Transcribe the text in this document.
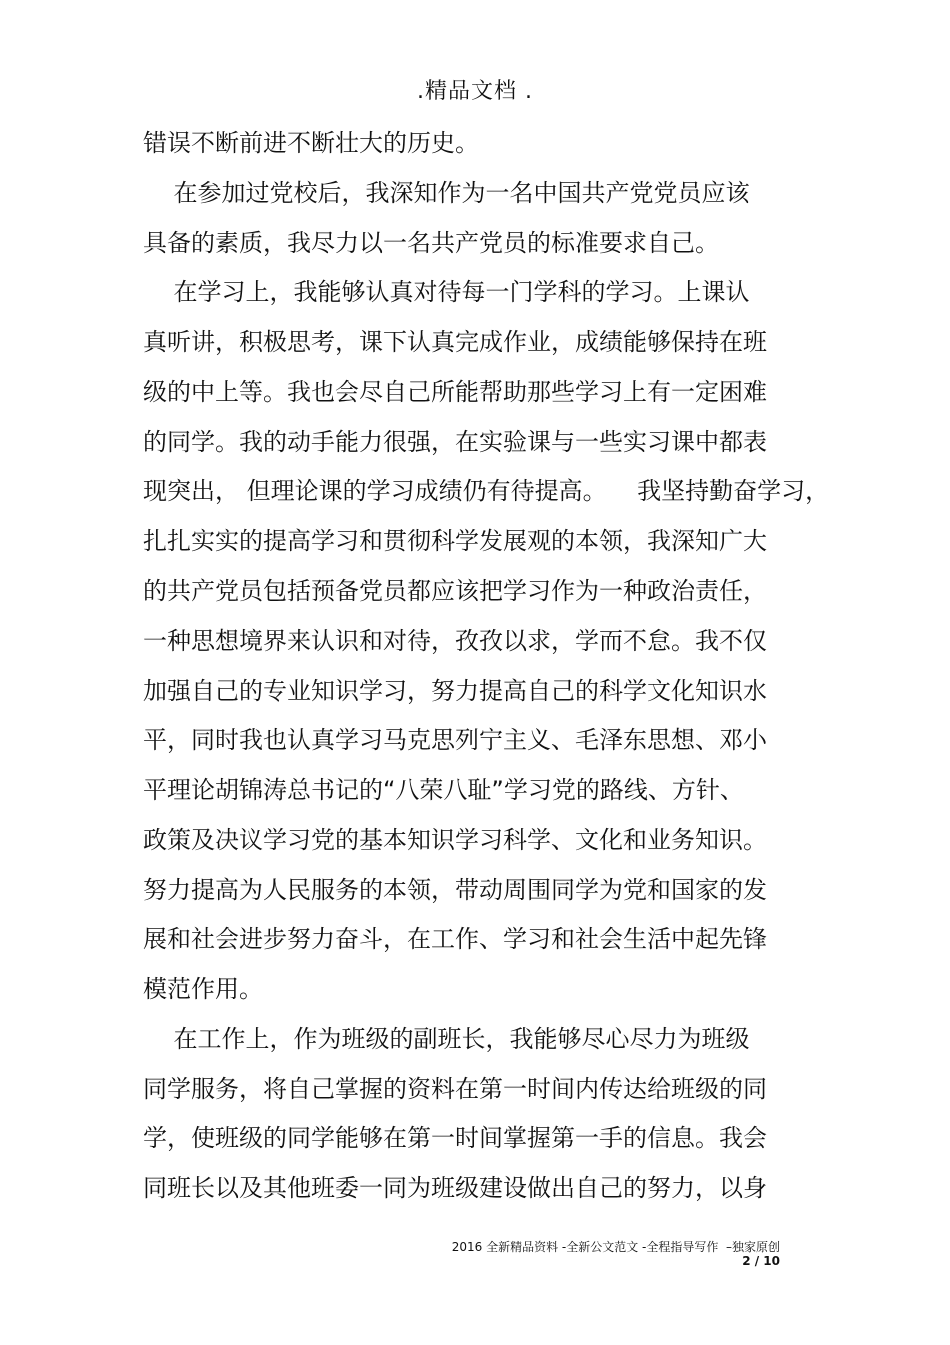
.精品文档 .
错误不断前进不断壮大的历史。
在参加过党校后，我深知作为一名中国共产党党员应该
具备的素质，我尽力以一名共产党员的标准要求自己。
在学习上，我能够认真对待每一门学科的学习。上课认
真听讲，积极思考，课下认真完成作业，成绩能够保持在班
级的中上等。我也会尽自己所能帮助那些学习上有一定困难
的同学。我的动手能力很强，在实验课与一些实习课中都表
现突出， 但理论课的学习成绩仍有待提高。    我坚持勤奋学习，
扎扎实实的提高学习和贯彻科学发展观的本领，我深知广大
的共产党员包括预备党员都应该把学习作为一种政治责任，
一种思想境界来认识和对待，孜孜以求，学而不怠。我不仅
加强自己的专业知识学习，努力提高自己的科学文化知识水
平，同时我也认真学习马克思列宁主义、毛泽东思想、邓小
平理论胡锦涛总书记的“八荣八耻”学习党的路线、方针、
政策及决议学习党的基本知识学习科学、文化和业务知识。
努力提高为人民服务的本领，带动周围同学为党和国家的发
展和社会进步努力奋斗，在工作、学习和社会生活中起先锋
模范作用。
在工作上，作为班级的副班长，我能够尽心尽力为班级
同学服务，将自己掌握的资料在第一时间内传达给班级的同
学，使班级的同学能够在第一时间掌握第一手的信息。我会
同班长以及其他班委一同为班级建设做出自己的努力，以身
2016 全新精品资料 -全新公文范文 -全程指导写作  –独家原创
2 / 10
